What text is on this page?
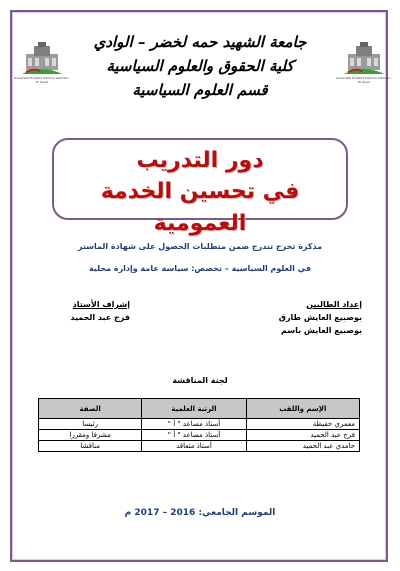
Université Echahid Hamma Lakhdar - El Oued
Université Echahid Hamma Lakhdar - El Oued
جامعة الشهيد حمه لخضر – الوادي
كلية الحقوق والعلوم السياسية
قسم العلوم السياسية
دور التدريب
في تحسين الخدمة العمومية
مذكرة تخرج تندرج ضمن متطلبات الحصول على شهادة الماستر
في العلوم السياسية – تخصص: سياسة عامة وإدارة محلية
إعداد الطالبين
بوصبيع العايش طارق
بوصبيع العايش باسم
إشراف الأستاذ
فرج عبد الحميد
لجنة المناقشة
الإسم واللقب	الرتبة العلمية	الصفة
معمري حفيظة	أستاذ مساعد " أ "	رئيسا
فرج عبد الحميد	أستاذ مساعد " أ "	مشرفا ومقررا
حامدي عبد الحميد	أستاذ متعاقد	مناقشا
الموسم الجامعي: 2016 – 2017 م
